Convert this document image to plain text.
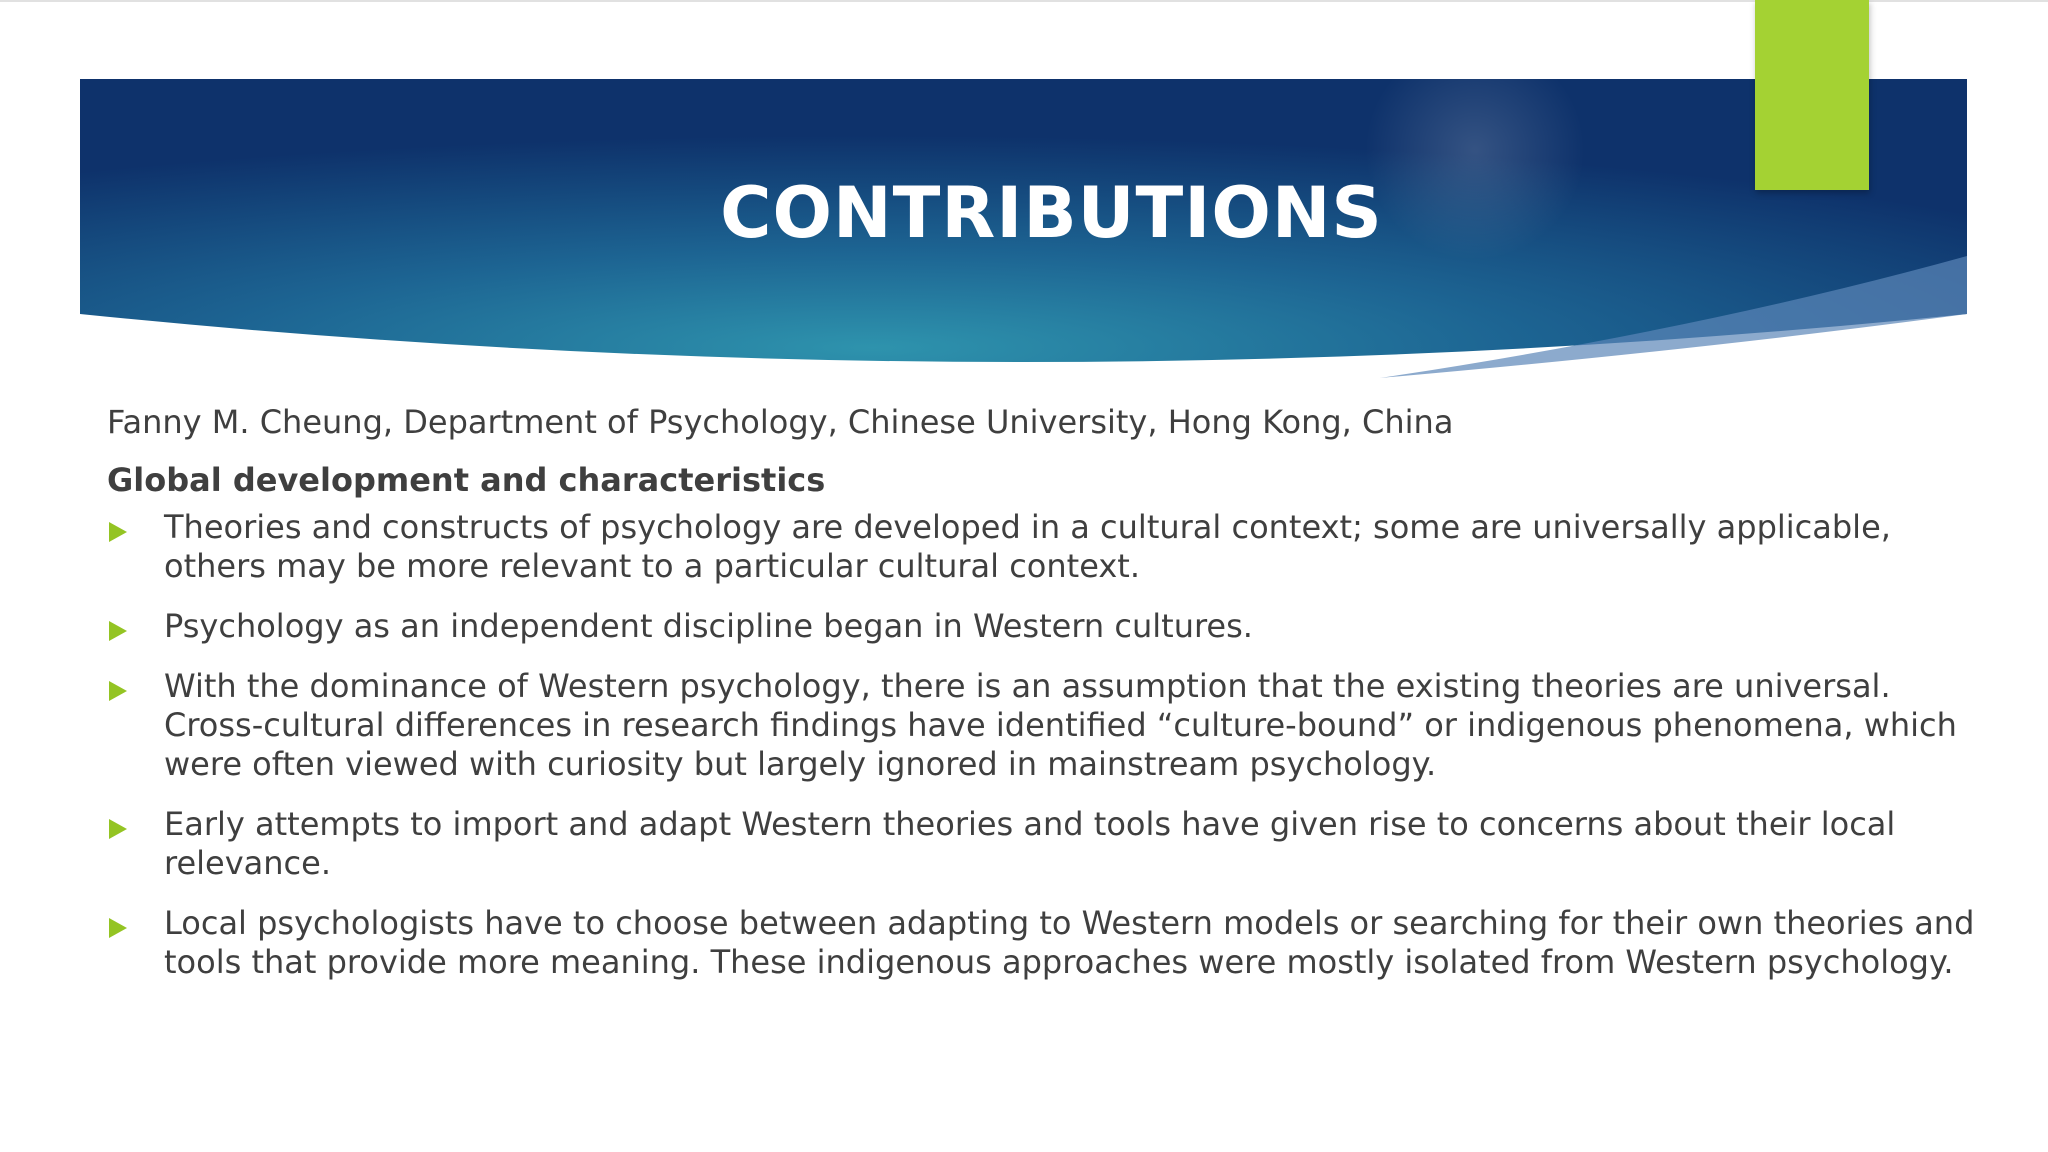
CONTRIBUTIONS

Fanny M. Cheung, Department of Psychology, Chinese University, Hong Kong, China

Global development and characteristics

Theories and constructs of psychology are developed in a cultural context; some are universally applicable, others may be more relevant to a particular cultural context.
Psychology as an independent discipline began in Western cultures.
With the dominance of Western psychology, there is an assumption that the existing theories are universal. Cross-cultural differences in research findings have identified “culture-bound” or indigenous phenomena, which were often viewed with curiosity but largely ignored in mainstream psychology.
Early attempts to import and adapt Western theories and tools have given rise to concerns about their local relevance.
Local psychologists have to choose between adapting to Western models or searching for their own theories and tools that provide more meaning. These indigenous approaches were mostly isolated from Western psychology.
